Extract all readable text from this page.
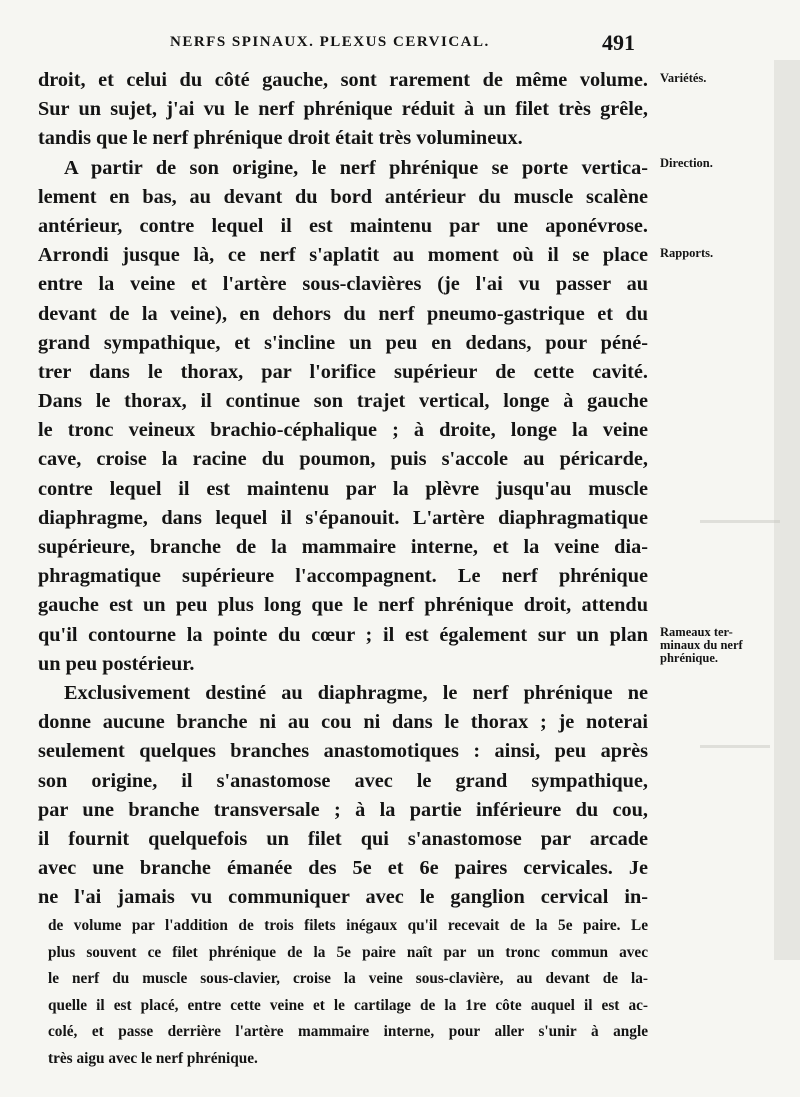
NERFS SPINAUX. PLEXUS CERVICAL.	491
droit, et celui du côté gauche, sont rarement de même volume.
Sur un sujet, j'ai vu le nerf phrénique réduit à un filet très grêle,
tandis que le nerf phrénique droit était très volumineux.
A partir de son origine, le nerf phrénique se porte vertica-
lement en bas, au devant du bord antérieur du muscle scalène
antérieur, contre lequel il est maintenu par une aponévrose.
Arrondi jusque là, ce nerf s'aplatit au moment où il se place
entre la veine et l'artère sous-clavières (je l'ai vu passer au
devant de la veine), en dehors du nerf pneumo-gastrique et du
grand sympathique, et s'incline un peu en dedans, pour péné-
trer dans le thorax, par l'orifice supérieur de cette cavité.
Dans le thorax, il continue son trajet vertical, longe à gauche
le tronc veineux brachio-céphalique ; à droite, longe la veine
cave, croise la racine du poumon, puis s'accole au péricarde,
contre lequel il est maintenu par la plèvre jusqu'au muscle
diaphragme, dans lequel il s'épanouit. L'artère diaphragmatique
supérieure, branche de la mammaire interne, et la veine dia-
phragmatique supérieure l'accompagnent. Le nerf phrénique
gauche est un peu plus long que le nerf phrénique droit, attendu
qu'il contourne la pointe du cœur ; il est également sur un plan
un peu postérieur.
Exclusivement destiné au diaphragme, le nerf phrénique ne
donne aucune branche ni au cou ni dans le thorax ; je noterai
seulement quelques branches anastomotiques : ainsi, peu après
son origine, il s'anastomose avec le grand sympathique,
par une branche transversale ; à la partie inférieure du cou,
il fournit quelquefois un filet qui s'anastomose par arcade
avec une branche émanée des 5e et 6e paires cervicales. Je
ne l'ai jamais vu communiquer avec le ganglion cervical in-
Variétés.
Direction.
Rapports.
Rameaux ter-
minaux du nerf
phrénique.
de volume par l'addition de trois filets inégaux qu'il recevait de la 5e paire. Le
plus souvent ce filet phrénique de la 5e paire naît par un tronc commun avec
le nerf du muscle sous-clavier, croise la veine sous-clavière, au devant de la-
quelle il est placé, entre cette veine et le cartilage de la 1re côte auquel il est ac-
colé, et passe derrière l'artère mammaire interne, pour aller s'unir à angle
très aigu avec le nerf phrénique.
